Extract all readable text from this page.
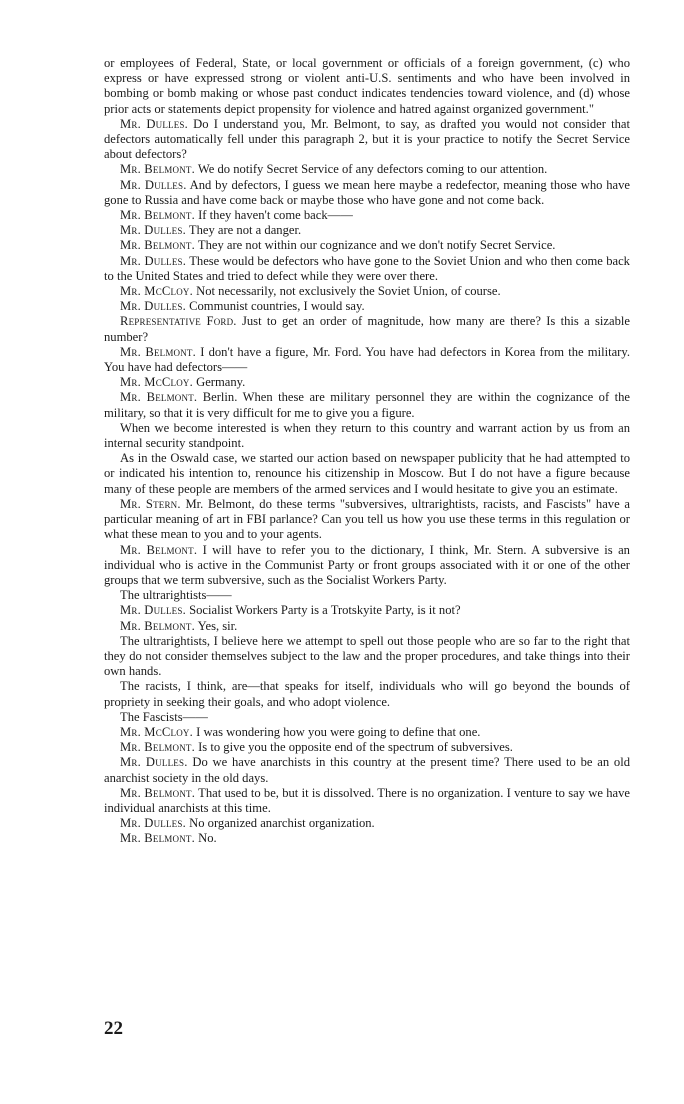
or employees of Federal, State, or local government or officials of a foreign government, (c) who express or have expressed strong or violent anti-U.S. sentiments and who have been involved in bombing or bomb making or whose past conduct indicates tendencies toward violence, and (d) whose prior acts or statements depict propensity for violence and hatred against organized government."

Mr. Dulles. Do I understand you, Mr. Belmont, to say, as drafted you would not consider that defectors automatically fell under this paragraph 2, but it is your practice to notify the Secret Service about defectors?

Mr. Belmont. We do notify Secret Service of any defectors coming to our attention.

Mr. Dulles. And by defectors, I guess we mean here maybe a redefector, meaning those who have gone to Russia and have come back or maybe those who have gone and not come back.

Mr. Belmont. If they haven't come back——

Mr. Dulles. They are not a danger.

Mr. Belmont. They are not within our cognizance and we don't notify Secret Service.

Mr. Dulles. These would be defectors who have gone to the Soviet Union and who then come back to the United States and tried to defect while they were over there.

Mr. McCloy. Not necessarily, not exclusively the Soviet Union, of course.

Mr. Dulles. Communist countries, I would say.

Representative Ford. Just to get an order of magnitude, how many are there? Is this a sizable number?

Mr. Belmont. I don't have a figure, Mr. Ford. You have had defectors in Korea from the military. You have had defectors——

Mr. McCloy. Germany.

Mr. Belmont. Berlin. When these are military personnel they are within the cognizance of the military, so that it is very difficult for me to give you a figure.

When we become interested is when they return to this country and warrant action by us from an internal security standpoint.

As in the Oswald case, we started our action based on newspaper publicity that he had attempted to or indicated his intention to, renounce his citizenship in Moscow. But I do not have a figure because many of these people are members of the armed services and I would hesitate to give you an estimate.

Mr. Stern. Mr. Belmont, do these terms "subversives, ultrarightists, racists, and Fascists" have a particular meaning of art in FBI parlance? Can you tell us how you use these terms in this regulation or what these mean to you and to your agents.

Mr. Belmont. I will have to refer you to the dictionary, I think, Mr. Stern. A subversive is an individual who is active in the Communist Party or front groups associated with it or one of the other groups that we term subversive, such as the Socialist Workers Party.

The ultrarightists——

Mr. Dulles. Socialist Workers Party is a Trotskyite Party, is it not?

Mr. Belmont. Yes, sir.

The ultrarightists, I believe here we attempt to spell out those people who are so far to the right that they do not consider themselves subject to the law and the proper procedures, and take things into their own hands.

The racists, I think, are—that speaks for itself, individuals who will go beyond the bounds of propriety in seeking their goals, and who adopt violence.

The Fascists——

Mr. McCloy. I was wondering how you were going to define that one.

Mr. Belmont. Is to give you the opposite end of the spectrum of subversives.

Mr. Dulles. Do we have anarchists in this country at the present time? There used to be an old anarchist society in the old days.

Mr. Belmont. That used to be, but it is dissolved. There is no organization. I venture to say we have individual anarchists at this time.

Mr. Dulles. No organized anarchist organization.

Mr. Belmont. No.

22
